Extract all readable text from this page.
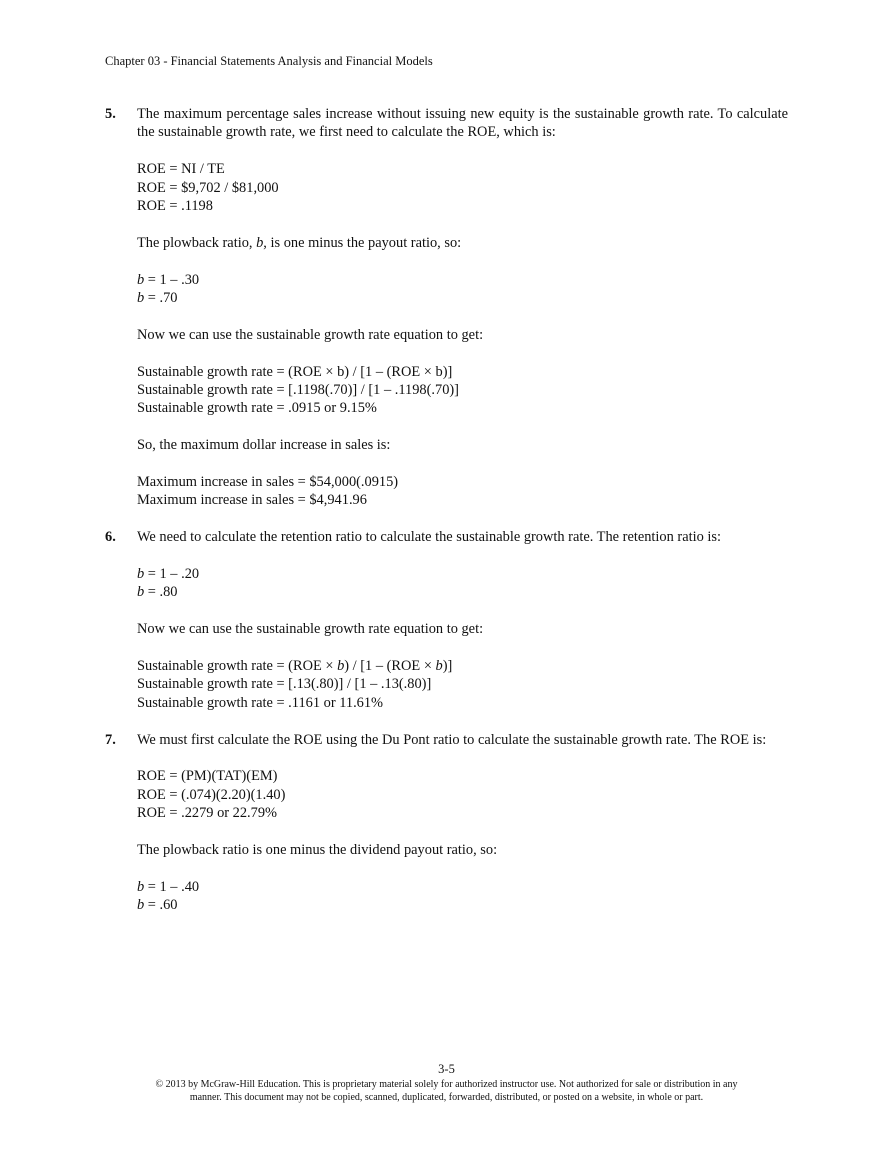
Chapter 03 - Financial Statements Analysis and Financial Models
5. The maximum percentage sales increase without issuing new equity is the sustainable growth rate. To calculate the sustainable growth rate, we first need to calculate the ROE, which is:

ROE = NI / TE
ROE = $9,702 / $81,000
ROE = .1198

The plowback ratio, b, is one minus the payout ratio, so:

b = 1 – .30
b = .70

Now we can use the sustainable growth rate equation to get:

Sustainable growth rate = (ROE × b) / [1 – (ROE × b)]
Sustainable growth rate = [.1198(.70)] / [1 – .1198(.70)]
Sustainable growth rate = .0915 or 9.15%

So, the maximum dollar increase in sales is:

Maximum increase in sales = $54,000(.0915)
Maximum increase in sales = $4,941.96
6. We need to calculate the retention ratio to calculate the sustainable growth rate. The retention ratio is:

b = 1 – .20
b = .80

Now we can use the sustainable growth rate equation to get:

Sustainable growth rate = (ROE × b) / [1 – (ROE × b)]
Sustainable growth rate = [.13(.80)] / [1 – .13(.80)]
Sustainable growth rate = .1161 or 11.61%
7. We must first calculate the ROE using the Du Pont ratio to calculate the sustainable growth rate. The ROE is:

ROE = (PM)(TAT)(EM)
ROE = (.074)(2.20)(1.40)
ROE = .2279 or 22.79%

The plowback ratio is one minus the dividend payout ratio, so:

b = 1 – .40
b = .60
3-5
© 2013 by McGraw-Hill Education. This is proprietary material solely for authorized instructor use. Not authorized for sale or distribution in any
manner. This document may not be copied, scanned, duplicated, forwarded, distributed, or posted on a website, in whole or part.
